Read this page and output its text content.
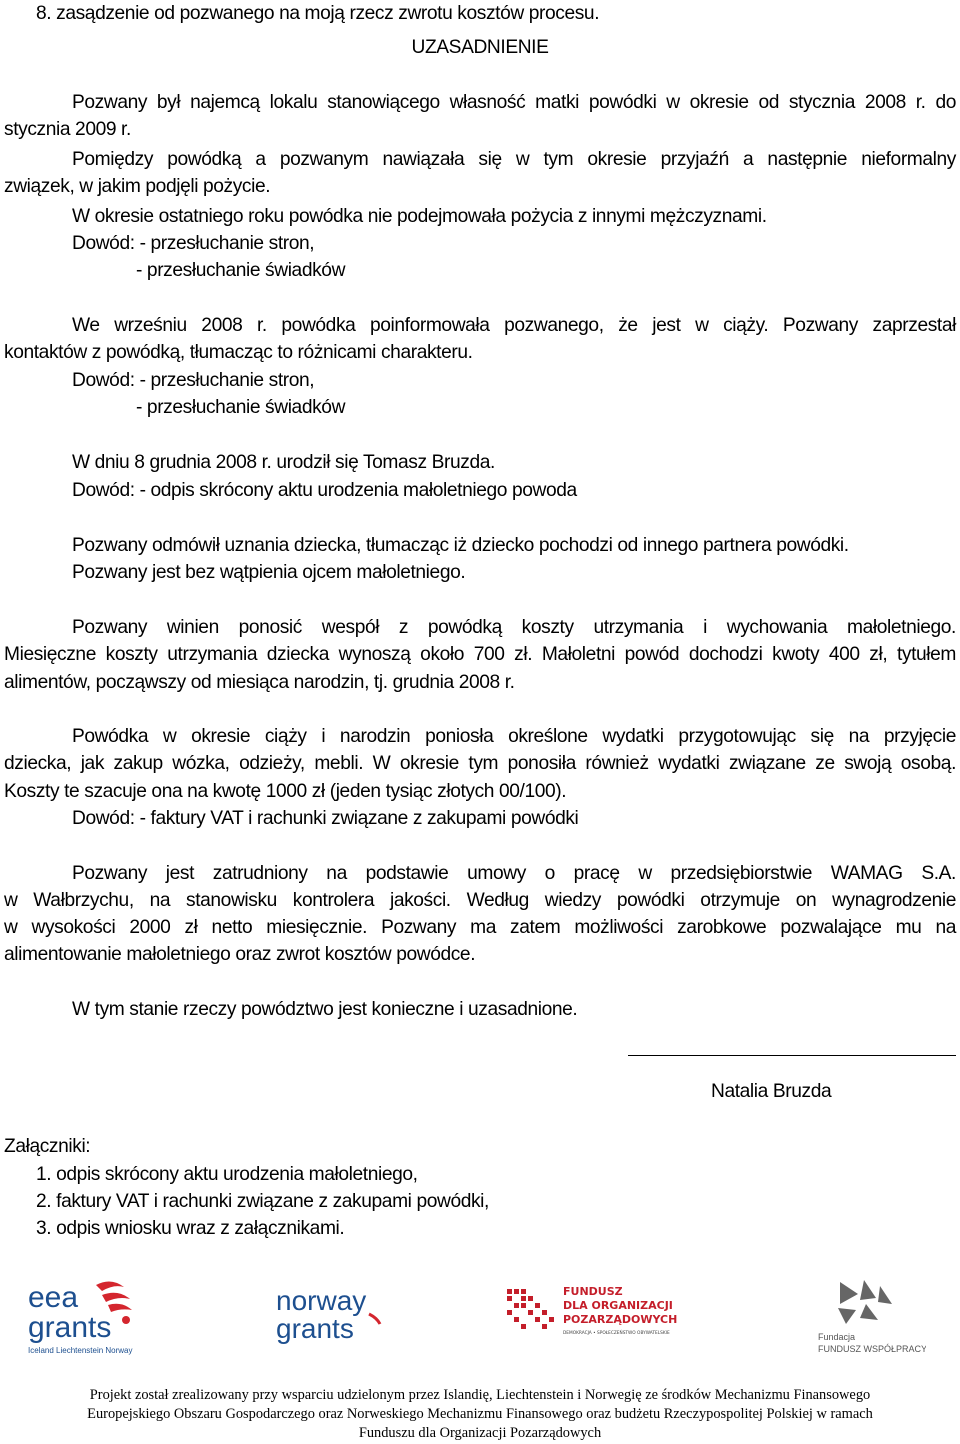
8. zasądzenie od pozwanego na moją rzecz zwrotu kosztów procesu.
UZASADNIENIE
Pozwany był najemcą lokalu stanowiącego własność matki powódki w okresie od stycznia 2008 r. do
stycznia 2009 r.
Pomiędzy powódką a pozwanym nawiązała się w tym okresie przyjaźń a następnie nieformalny
związek, w jakim podjęli pożycie.
W okresie ostatniego roku powódka nie podejmowała pożycia z innymi mężczyznami.
Dowód: - przesłuchanie stron,
- przesłuchanie świadków
We wrześniu 2008 r. powódka poinformowała pozwanego, że jest w ciąży. Pozwany zaprzestał
kontaktów z powódką, tłumacząc to różnicami charakteru.
Dowód: - przesłuchanie stron,
- przesłuchanie świadków
W dniu 8 grudnia 2008 r. urodził się Tomasz Bruzda.
Dowód: - odpis skrócony aktu urodzenia małoletniego powoda
Pozwany odmówił uznania dziecka, tłumacząc iż dziecko pochodzi od innego partnera powódki.
Pozwany jest bez wątpienia ojcem małoletniego.
Pozwany winien ponosić wespół z powódką koszty utrzymania i wychowania małoletniego.
Miesięczne koszty utrzymania dziecka wynoszą około 700 zł. Małoletni powód dochodzi kwoty 400 zł, tytułem
alimentów, począwszy od miesiąca narodzin, tj. grudnia 2008 r.
Powódka w okresie ciąży i narodzin poniosła określone wydatki przygotowując się na przyjęcie
dziecka, jak zakup wózka, odzieży, mebli. W okresie tym ponosiła również wydatki związane ze swoją osobą.
Koszty te szacuje ona na kwotę 1000 zł (jeden tysiąc złotych 00/100).
Dowód: - faktury VAT i rachunki związane z zakupami powódki
Pozwany jest zatrudniony na podstawie umowy o pracę w przedsiębiorstwie WAMAG S.A.
w Wałbrzychu, na stanowisku kontrolera jakości. Według wiedzy powódki otrzymuje on wynagrodzenie
w wysokości 2000 zł netto miesięcznie. Pozwany ma zatem możliwości zarobkowe pozwalające mu na
alimentowanie małoletniego oraz zwrot kosztów powódce.
W tym stanie rzeczy powództwo jest konieczne i uzasadnione.
Natalia Bruzda
Załączniki:
1. odpis skrócony aktu urodzenia małoletniego,
2. faktury VAT i rachunki związane z zakupami powódki,
3. odpis wniosku wraz z załącznikami.
eea
grants
Iceland Liechtenstein Norway
norway
grants
FUNDUSZ
DLA ORGANIZACJI
POZARZĄDOWYCH
DEMOKRACJA • SPOŁECZEŃSTWO OBYWATELSKIE	Fundacja
FUNDUSZ WSPÓŁPRACY
Projekt został zrealizowany przy wsparciu udzielonym przez Islandię, Liechtenstein i Norwegię ze środków Mechanizmu Finansowego
Europejskiego Obszaru Gospodarczego oraz Norweskiego Mechanizmu Finansowego oraz budżetu Rzeczypospolitej Polskiej w ramach
Funduszu dla Organizacji Pozarządowych
